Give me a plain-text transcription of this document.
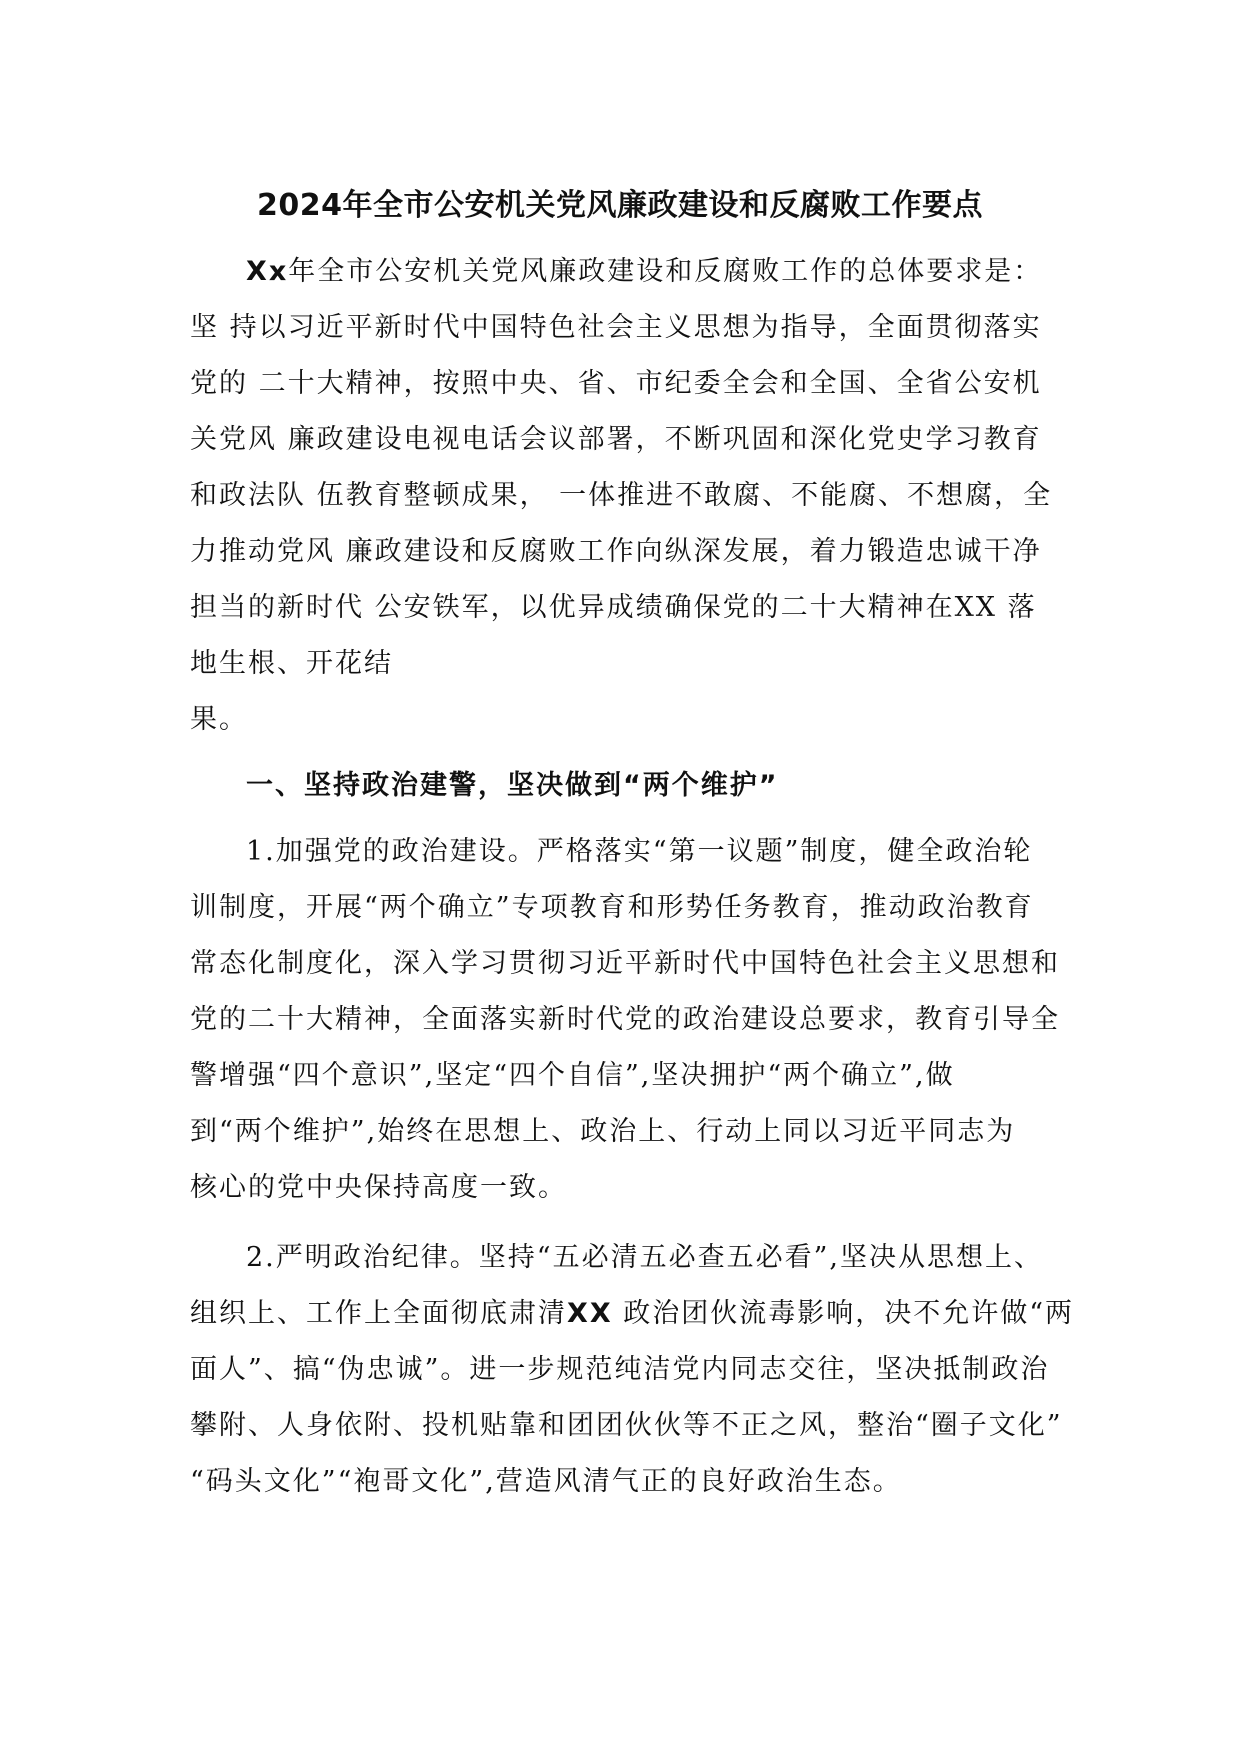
2024年全市公安机关党风廉政建设和反腐败工作要点

Xx年全市公安机关党风廉政建设和反腐败工作的总体要求是：
坚 持以习近平新时代中国特色社会主义思想为指导，全面贯彻落实
党的 二十大精神，按照中央、省、市纪委全会和全国、全省公安机
关党风 廉政建设电视电话会议部署，不断巩固和深化党史学习教育
和政法队 伍教育整顿成果， 一体推进不敢腐、不能腐、不想腐，全
力推动党风 廉政建设和反腐败工作向纵深发展，着力锻造忠诚干净
担当的新时代 公安铁军，以优异成绩确保党的二十大精神在XX 落
地生根、开花结
果。

一、坚持政治建警，坚决做到“两个维护”

1.加强党的政治建设。严格落实“第一议题”制度，健全政治轮
训制度，开展“两个确立”专项教育和形势任务教育，推动政治教育
常态化制度化，深入学习贯彻习近平新时代中国特色社会主义思想和
党的二十大精神，全面落实新时代党的政治建设总要求，教育引导全
警增强“四个意识”,坚定“四个自信”,坚决拥护“两个确立”,做
到“两个维护”,始终在思想上、政治上、行动上同以习近平同志为
核心的党中央保持高度一致。

2.严明政治纪律。坚持“五必清五必查五必看”,坚决从思想上、
组织上、工作上全面彻底肃清XX 政治团伙流毒影响，决不允许做“两
面人”、搞“伪忠诚”。进一步规范纯洁党内同志交往，坚决抵制政治
攀附、人身依附、投机贴靠和团团伙伙等不正之风，整治“圈子文化”
“码头文化”“袍哥文化”,营造风清气正的良好政治生态。
